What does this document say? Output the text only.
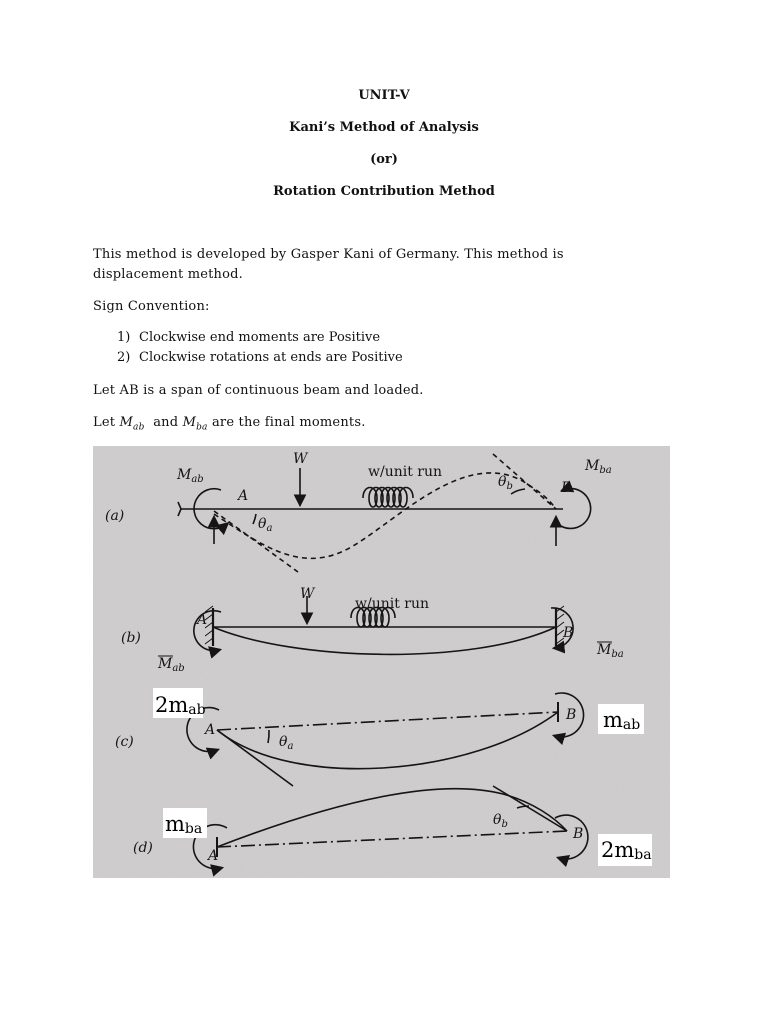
UNIT-V
Kani’s Method of Analysis
(or)
Rotation Contribution Method
This method is developed by Gasper Kani of Germany. This method is
displacement method.
Sign Convention:
1) Clockwise end moments are Positive
2) Clockwise rotations at ends are Positive
Let AB is a span of continuous beam and loaded.
Let $M_{ab}$  and $M_{ba}$ are the final moments.
(a)
$M_{ab}$
$M_{ba}$
W
w/unit run
A	B
$\theta_a$
$\theta_b$
(b)
W
w/unit run
$M_{ab}$
$M_{ba}$
A
B
(c)
A
B
$\theta_a$
(d)	A
B
$\theta_b$
2mab	mab
mba
2mba
